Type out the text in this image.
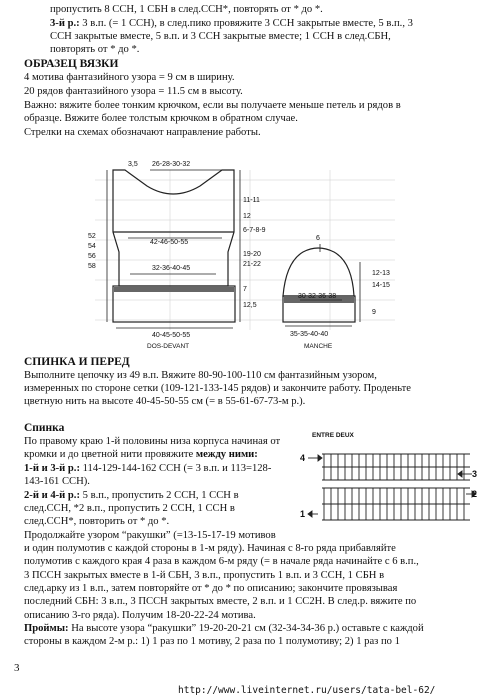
пропустить 8 ССН, 1 СБН в след.ССН*, повторять от * до *.
3-й р.: 3 в.п. (= 1 ССН), в след.пико провяжите 3 ССН закрытые вместе, 5 в.п., 3
ССН закрытые вместе, 5 в.п. и 3 ССН закрытые вместе; 1 ССН в след.СБН,
повторять от * до *.
ОБРАЗЕЦ ВЯЗКИ
4 мотива фантазийного узора = 9 см в ширину.
20 рядов фантазийного узора = 11.5 см в высоту.
Важно: вяжите более тонким крючком, если вы получаете меньше петель и рядов в
образце. Вяжите более толстым крючком в обратном случае.
Стрелки на схемах обозначают направление работы.
3,5 26-28-30-32
52
54
56
58
11-11
12
6-7-8-9
42-46-50-55
19-20
21-22
32-36-40-45
7
12,5
40-45-50-55
DOS-DEVANT
6
12-13
14-15
30-32-36-38
9
35-35-40-40
MANCHE
СПИНКА И ПЕРЕД
Выполните цепочку из 49 в.п. Вяжите 80-90-100-110 см фантазийным узором,
измеренных по стороне сетки (109-121-133-145 рядов) и закончите работу. Проденьте
цветную нить на высоте 40-45-50-55 см (= в 55-61-67-73-м р.).
Спинка
По правому краю 1-й половины низа корпуса начиная от
кромки и до цветной нити провяжите между ними:
1-й и 3-й р.: 114-129-144-162 ССН (= 3 в.п. и 113=128-
143-161 ССН).
2-й и 4-й р.: 5 в.п., пропустить 2 ССН, 1 ССН в
след.ССН, *2 в.п., пропустить 2 ССН, 1 ССН в
след.ССН*, повторить от * до *.
Продолжайте узором “ракушки” (=13-15-17-19 мотивов
и один полумотив с каждой стороны в 1-м ряду). Начиная с 8-го ряда прибавляйте
полумотив с каждого края 4 раза в каждом 6-м ряду (= в начале ряда начинайте с 6 в.п.,
3 ПССН закрытых вместе в 1-й СБН, 3 в.п., пропустить 1 в.п. и 3 ССН, 1 СБН в
след.арку из 1 в.п., затем повторяйте от * до * по описанию; закончите провязывая
последний СБН: 3 в.п., 3 ПССН закрытых вместе, 2 в.п. и 1 СС2Н. В след.р. вяжите по
описанию 3-го ряда). Получим 18-20-22-24 мотива.
Проймы: На высоте узора “ракушки” 19-20-20-21 см (32-34-34-36 р.) оставьте с каждой
стороны в каждом 2-м р.: 1) 1 раз по 1 мотиву, 2 раза по 1 полумотиву; 2) 1 раз по 1
ENTRE DEUX
4
3
2
1
3
http://www.liveinternet.ru/users/tata-bel-62/
